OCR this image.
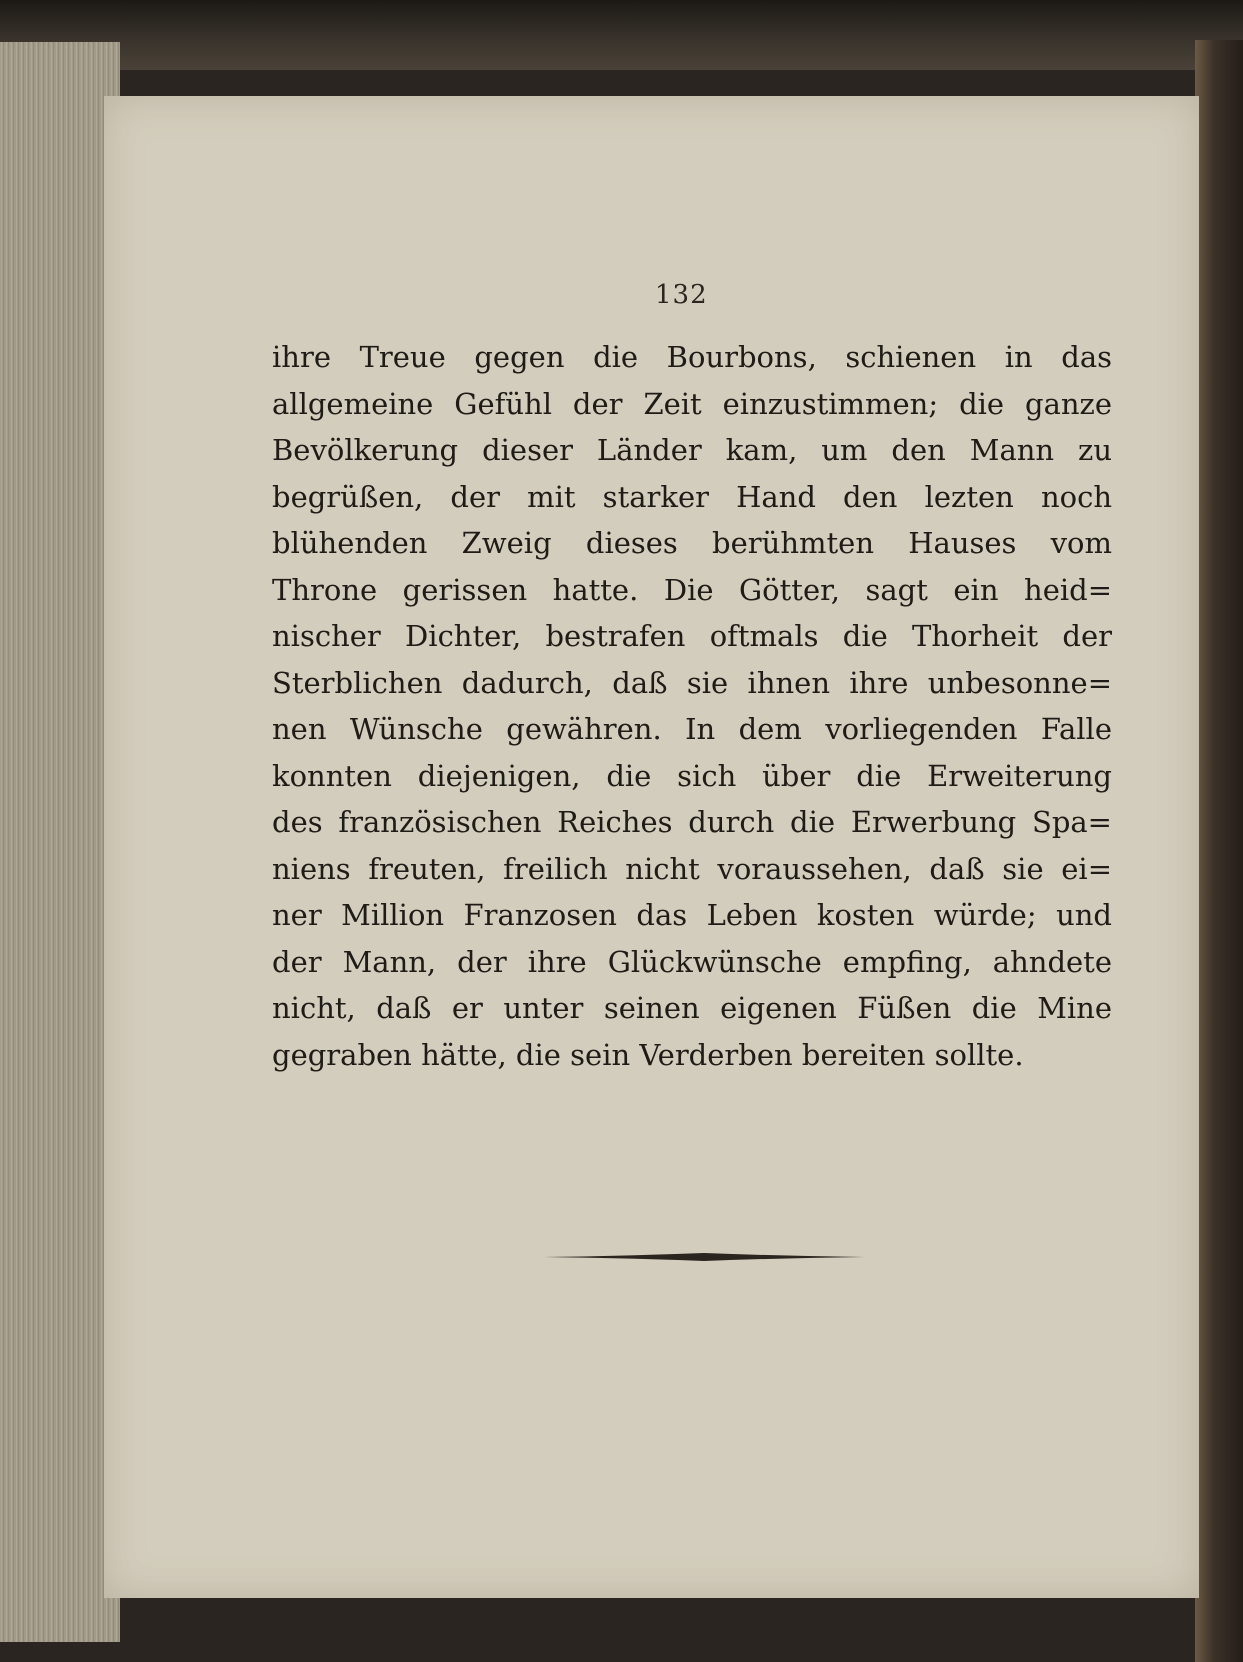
132

ihre Treue gegen die Bourbons, schienen in das
allgemeine Gefühl der Zeit einzustimmen; die ganze
Bevölkerung dieser Länder kam, um den Mann zu
begrüßen, der mit starker Hand den lezten noch
blühenden Zweig dieses berühmten Hauses vom
Throne gerissen hatte. Die Götter, sagt ein heid=
nischer Dichter, bestrafen oftmals die Thorheit der
Sterblichen dadurch, daß sie ihnen ihre unbesonne=
nen Wünsche gewähren. In dem vorliegenden Falle
konnten diejenigen, die sich über die Erweiterung
des französischen Reiches durch die Erwerbung Spa=
niens freuten, freilich nicht voraussehen, daß sie ei=
ner Million Franzosen das Leben kosten würde; und
der Mann, der ihre Glückwünsche empfing, ahndete
nicht, daß er unter seinen eigenen Füßen die Mine
gegraben hätte, die sein Verderben bereiten sollte.
